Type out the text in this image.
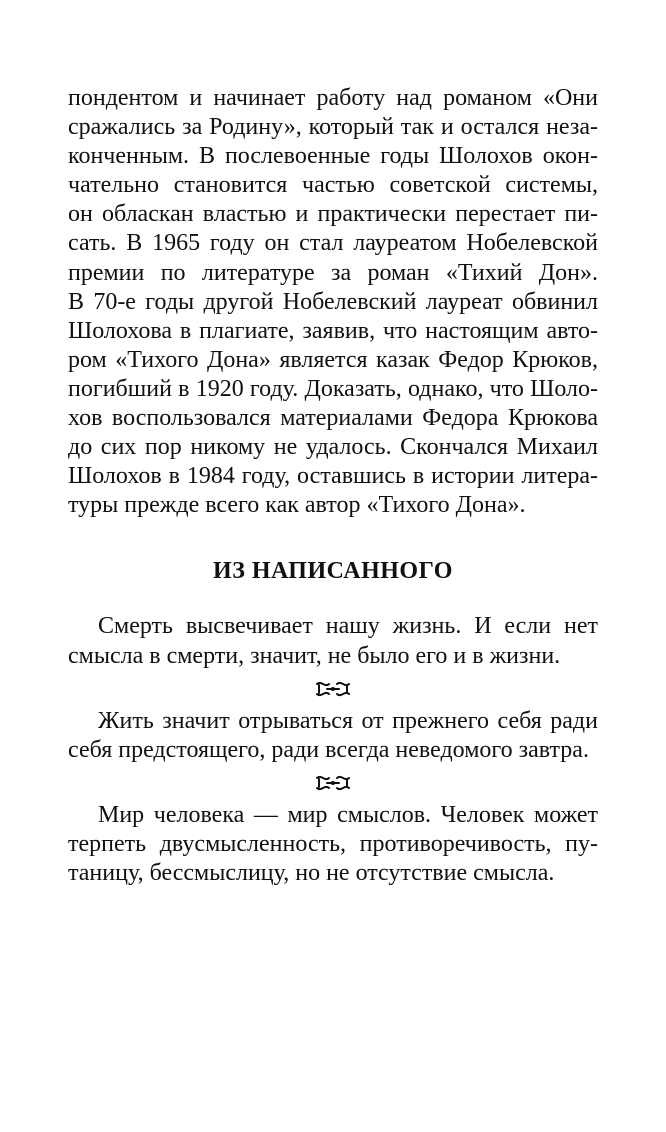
пондентом и начинает работу над романом «Они
сражались за Родину», который так и остался неза-
конченным. В послевоенные годы Шолохов окон-
чательно становится частью советской системы,
он обласкан властью и практически перестает пи-
сать. В 1965 году он стал лауреатом Нобелевской
премии по литературе за роман «Тихий Дон».
В 70-е годы другой Нобелевский лауреат обвинил
Шолохова в плагиате, заявив, что настоящим авто-
ром «Тихого Дона» является казак Федор Крюков,
погибший в 1920 году. Доказать, однако, что Шоло-
хов воспользовался материалами Федора Крюкова
до сих пор никому не удалось. Скончался Михаил
Шолохов в 1984 году, оставшись в истории литера-
туры прежде всего как автор «Тихого Дона».
ИЗ НАПИСАННОГО
Смерть высвечивает нашу жизнь. И если нет
смысла в смерти, значит, не было его и в жизни.
Жить значит отрываться от прежнего себя ради
себя предстоящего, ради всегда неведомого завтра.
Мир человека — мир смыслов. Человек может
терпеть двусмысленность, противоречивость, пу-
таницу, бессмыслицу, но не отсутствие смысла.
